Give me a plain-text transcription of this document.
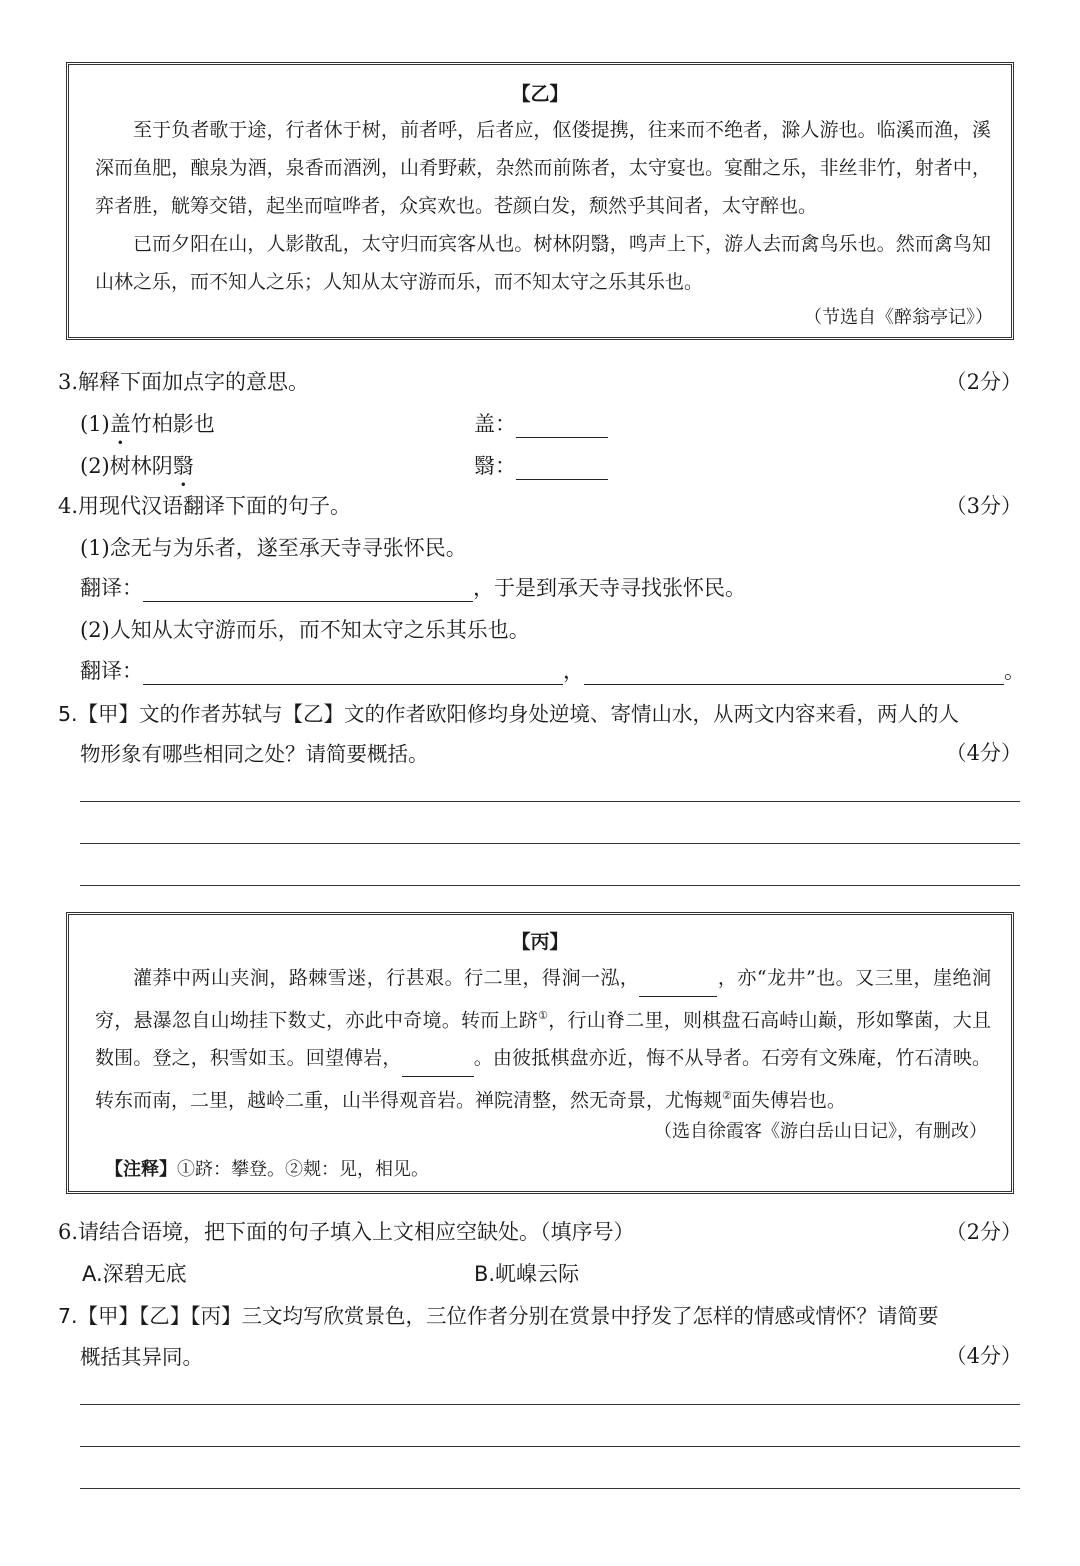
【乙】
至于负者歌于途，行者休于树，前者呼，后者应，伛偻提携，往来而不绝者，滁人游也。临溪而渔，溪深而鱼肥，酿泉为酒，泉香而酒洌，山肴野蔌，杂然而前陈者，太守宴也。宴酣之乐，非丝非竹，射者中，弈者胜，觥筹交错，起坐而喧哗者，众宾欢也。苍颜白发，颓然乎其间者，太守醉也。
已而夕阳在山，人影散乱，太守归而宾客从也。树林阴翳，鸣声上下，游人去而禽鸟乐也。然而禽鸟知山林之乐，而不知人之乐；人知从太守游而乐，而不知太守之乐其乐也。
（节选自《醉翁亭记》）
3.解释下面加点字的意思。	（2分）
(1)盖竹柏影也	盖：
(2)树林阴翳	翳：
4.用现代汉语翻译下面的句子。	（3分）
(1)念无与为乐者，遂至承天寺寻张怀民。
翻译：	，于是到承天寺寻找张怀民。
(2)人知从太守游而乐，而不知太守之乐其乐也。
翻译：	，	。
5.【甲】文的作者苏轼与【乙】文的作者欧阳修均身处逆境、寄情山水，从两文内容来看，两人的人
物形象有哪些相同之处？请简要概括。	（4分）
【丙】
灌莽中两山夹涧，路棘雪迷，行甚艰。行二里，得涧一泓，	，亦“龙井”也。又三里，崖绝涧穷，悬瀑忽自山坳挂下数丈，亦此中奇境。转而上跻①，行山脊二里，则棋盘石高峙山巅，形如擎菌，大且数围。登之，积雪如玉。回望傅岩，	。由彼抵棋盘亦近，悔不从导者。石旁有文殊庵，竹石清映。转东而南，二里，越岭二重，山半得观音岩。禅院清整，然无奇景，尤悔觌②面失傅岩也。
（选自徐霞客《游白岳山日记》，有删改）
【注释】①跻：攀登。②觌：见，相见。
6.请结合语境，把下面的句子填入上文相应空缺处。（填序号）	（2分）
A.深碧无底	B.屼嵲云际
7.【甲】【乙】【丙】三文均写欣赏景色，三位作者分别在赏景中抒发了怎样的情感或情怀？请简要
概括其异同。	（4分）
